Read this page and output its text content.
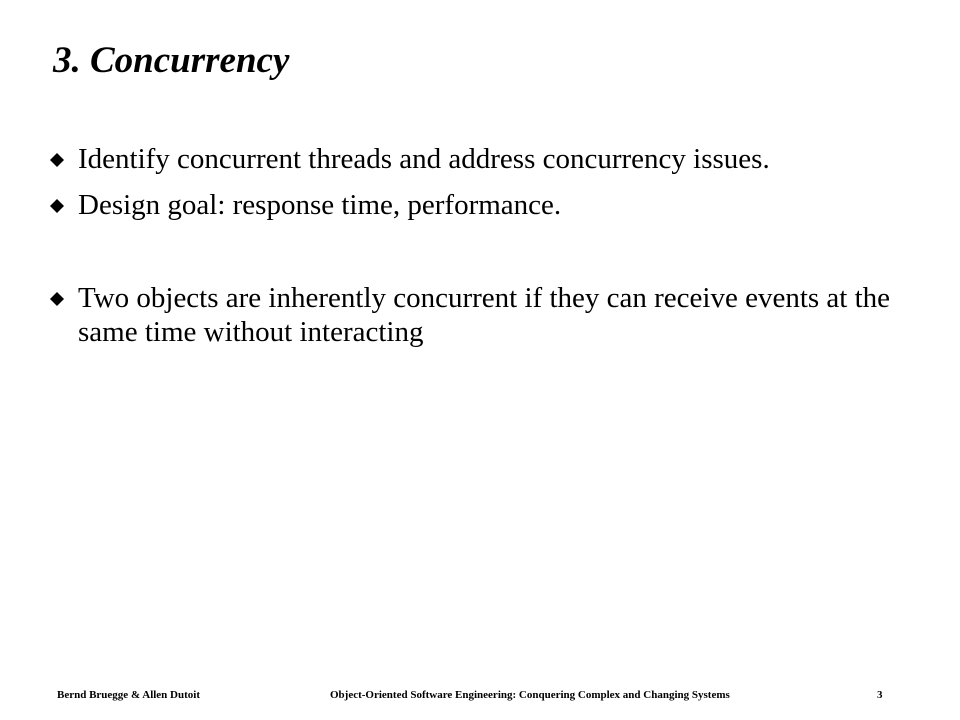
3. Concurrency
Identify concurrent threads and address concurrency issues.
Design goal: response time, performance.
Two objects are inherently concurrent if they can receive events at the same time without interacting
Bernd Bruegge & Allen Dutoit	Object-Oriented Software Engineering: Conquering Complex and Changing Systems	3
